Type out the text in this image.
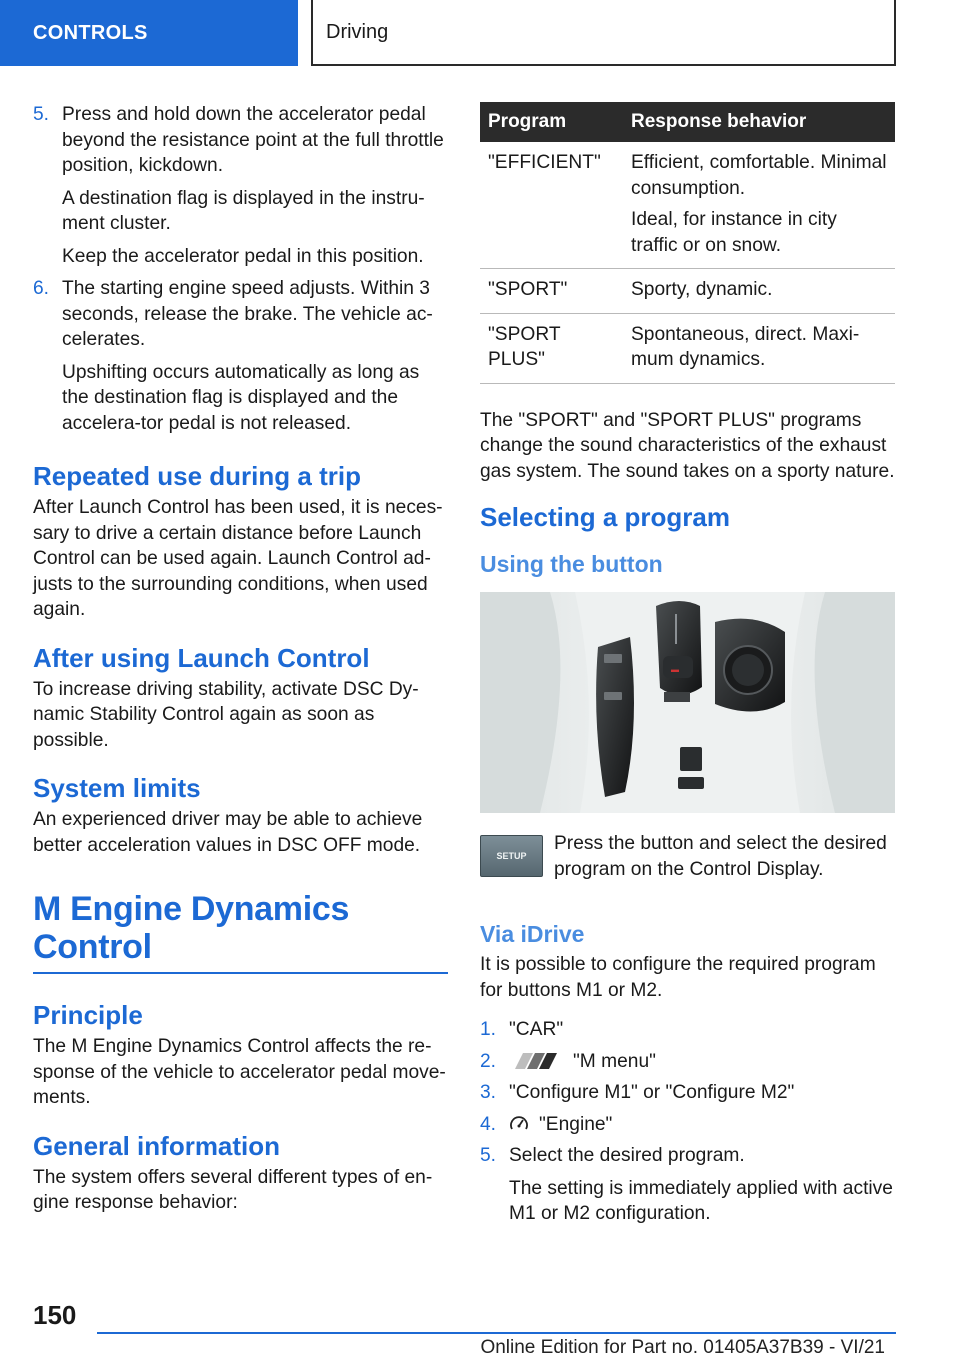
CONTROLS	Driving
5. Press and hold down the accelerator pedal beyond the resistance point at the full throttle position, kickdown.

A destination flag is displayed in the instru-ment cluster.

Keep the accelerator pedal in this position.

6. The starting engine speed adjusts. Within 3 seconds, release the brake. The vehicle ac-celerates.

Upshifting occurs automatically as long as the destination flag is displayed and the accelera-tor pedal is not released.

Repeated use during a trip

After Launch Control has been used, it is neces-sary to drive a certain distance before Launch Control can be used again. Launch Control ad-justs to the surrounding conditions, when used again.

After using Launch Control

To increase driving stability, activate DSC Dy-namic Stability Control again as soon as possible.

System limits

An experienced driver may be able to achieve better acceleration values in DSC OFF mode.

M Engine Dynamics Control
Principle

The M Engine Dynamics Control affects the re-sponse of the vehicle to accelerator pedal move-ments.

General information

The system offers several different types of en-gine response behavior:

Program	Response behavior
"EFFICIENT"	Efficient, comfortable. Minimal consumption.

Ideal, for instance in city traffic or on snow.

"SPORT"	Sporty, dynamic.

"SPORT PLUS"	Spontaneous, direct. Maxi-mum dynamics.

The "SPORT" and "SPORT PLUS" programs change the sound characteristics of the exhaust gas system. The sound takes on a sporty nature.

Selecting a program
Using the button
▬
SETUP

Press the button and select the desired program on the Control Display.

Via iDrive

It is possible to configure the required program for buttons M1 or M2.

1. "CAR"
2.	"M menu"
3. "Configure M1" or "Configure M2"
4.	"Engine"
5. Select the desired program.

The setting is immediately applied with active M1 or M2 configuration.

150
Online Edition for Part no. 01405A37B39 - VI/21
